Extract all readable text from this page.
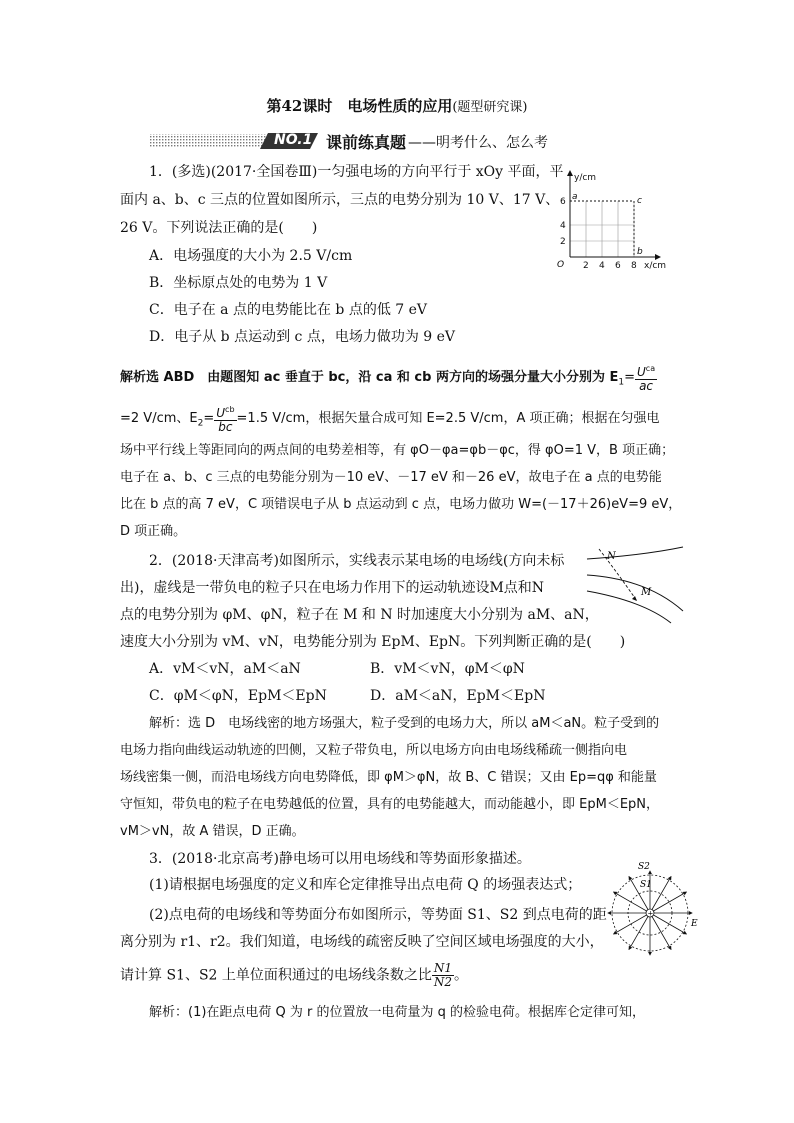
第42课时　电场性质的应用(题型研究课)
NO.1 课前练真题 ——明考什么、怎么考
1．(多选)(2017·全国卷Ⅲ)一匀强电场的方向平行于 xOy 平面，平
面内 a、b、c 三点的位置如图所示，三点的电势分别为 10 V、17 V、
26 V。下列说法正确的是(　　)
A．电场强度的大小为 2.5 V/cm
B．坐标原点处的电势为 1 V
C．电子在 a 点的电势能比在 b 点的低 7 eV
D．电子从 b 点运动到 c 点，电场力做功为 9 eV
y/cm
x/cm
O
2
4
6
2 4 6 8
a
b
c
解析选 ABD　由题图知 ac 垂直于 bc，沿 ca 和 cb 两方向的场强分量大小分别为 $E_1= \frac{U^{ca}}{ac}$
=2 V/cm、$E_2= \frac{U^{cb}}{bc} =1.5$ V/cm，根据矢量合成可知 E=2.5 V/cm，A 项正确；根据在匀强电
场中平行线上等距同向的两点间的电势差相等，有 φO－φa=φb－φc，得 φO=1 V，B 项正确；
电子在 a、b、c 三点的电势能分别为－10 eV、－17 eV 和－26 eV，故电子在 a 点的电势能
比在 b 点的高 7 eV，C 项错误电子从 b 点运动到 c 点，电场力做功 W=(－17＋26)eV=9 eV，
D 项正确。
2．(2018·天津高考)如图所示，实线表示某电场的电场线(方向未标
出)，虚线是一带负电的粒子只在电场力作用下的运动轨迹设M点和N
点的电势分别为 φM、φN，粒子在 M 和 N 时加速度大小分别为 aM、aN，
速度大小分别为 vM、vN，电势能分别为 EpM、EpN。下列判断正确的是(　　)
A．vM＜vN，aM＜aN	B．vM＜vN，φM＜φN
C．φM＜φN，EpM＜EpN	D．aM＜aN，EpM＜EpN
N
M
解析：选 D　电场线密的地方场强大，粒子受到的电场力大，所以 aM＜aN。粒子受到的
电场力指向曲线运动轨迹的凹侧，又粒子带负电，所以电场方向由电场线稀疏一侧指向电
场线密集一侧，而沿电场线方向电势降低，即 φM＞φN，故 B、C 错误；又由 Ep=qφ 和能量
守恒知，带负电的粒子在电势越低的位置，具有的电势能越大，而动能越小，即 EpM＜EpN，
vM＞vN，故 A 错误，D 正确。
3．(2018·北京高考)静电场可以用电场线和等势面形象描述。
(1)请根据电场强度的定义和库仑定律推导出点电荷 Q 的场强表达式；
(2)点电荷的电场线和等势面分布如图所示，等势面 S1、S2 到点电荷的距
离分别为 r1、r2。我们知道，电场线的疏密反映了空间区域电场强度的大小，
请计算 S1、S2 上单位面积通过的电场线条数之比 $\frac{N1}{N2}$ 。
+
S2
S1
E
解析：(1)在距点电荷 Q 为 r 的位置放一电荷量为 q 的检验电荷。根据库仑定律可知，
